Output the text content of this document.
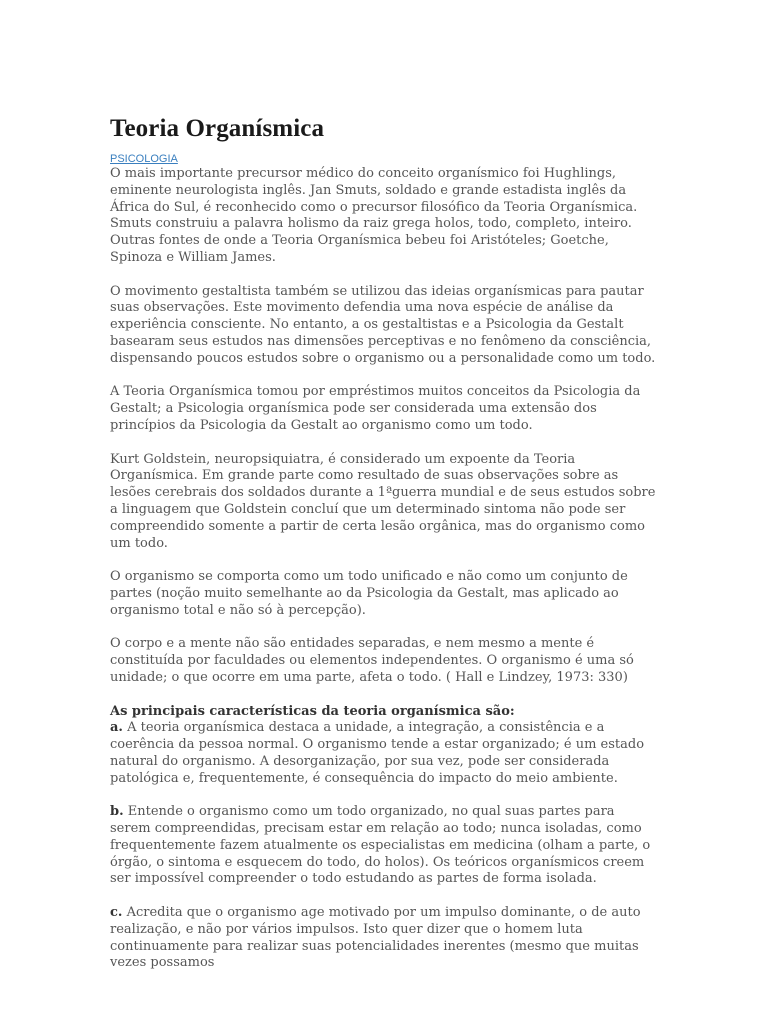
Teoria Organísmica
PSICOLOGIA

O mais importante precursor médico do conceito organísmico foi Hughlings, eminente neurologista inglês. Jan Smuts, soldado e grande estadista inglês da África do Sul, é reconhecido como o precursor filosófico da Teoria Organísmica. Smuts construiu a palavra holismo da raiz grega holos, todo, completo, inteiro. Outras fontes de onde a Teoria Organísmica bebeu foi Aristóteles; Goetche, Spinoza e William James.

O movimento gestaltista também se utilizou das ideias organísmicas para pautar suas observações. Este movimento defendia uma nova espécie de análise da experiência consciente. No entanto, a os gestaltistas e a Psicologia da Gestalt basearam seus estudos nas dimensões perceptivas e no fenômeno da consciência, dispensando poucos estudos sobre o organismo ou a personalidade como um todo.

A Teoria Organísmica tomou por empréstimos muitos conceitos da Psicologia da Gestalt; a Psicologia organísmica pode ser considerada uma extensão dos princípios da Psicologia da Gestalt ao organismo como um todo.

Kurt Goldstein, neuropsiquiatra, é considerado um expoente da Teoria Organísmica. Em grande parte como resultado de suas observações sobre as lesões cerebrais dos soldados durante a 1ªguerra mundial e de seus estudos sobre a linguagem que Goldstein concluí que um determinado sintoma não pode ser compreendido somente a partir de certa lesão orgânica, mas do organismo como um todo.

O organismo se comporta como um todo unificado e não como um conjunto de partes (noção muito semelhante ao da Psicologia da Gestalt, mas aplicado ao organismo total e não só à percepção).

O corpo e a mente não são entidades separadas, e nem mesmo a mente é constituída por faculdades ou elementos independentes. O organismo é uma só unidade; o que ocorre em uma parte, afeta o todo. ( Hall e Lindzey, 1973: 330)

As principais características da teoria organísmica são:

a. A teoria organísmica destaca a unidade, a integração, a consistência e a coerência da pessoa normal. O organismo tende a estar organizado; é um estado natural do organismo. A desorganização, por sua vez, pode ser considerada patológica e, frequentemente, é consequência do impacto do meio ambiente.

b. Entende o organismo como um todo organizado, no qual suas partes para serem compreendidas, precisam estar em relação ao todo; nunca isoladas, como frequentemente fazem atualmente os especialistas em medicina (olham a parte, o órgão, o sintoma e esquecem do todo, do holos). Os teóricos organísmicos creem ser impossível compreender o todo estudando as partes de forma isolada.

c. Acredita que o organismo age motivado por um impulso dominante, o de auto realização, e não por vários impulsos. Isto quer dizer que o homem luta continuamente para realizar suas potencialidades inerentes (mesmo que muitas vezes possamos
